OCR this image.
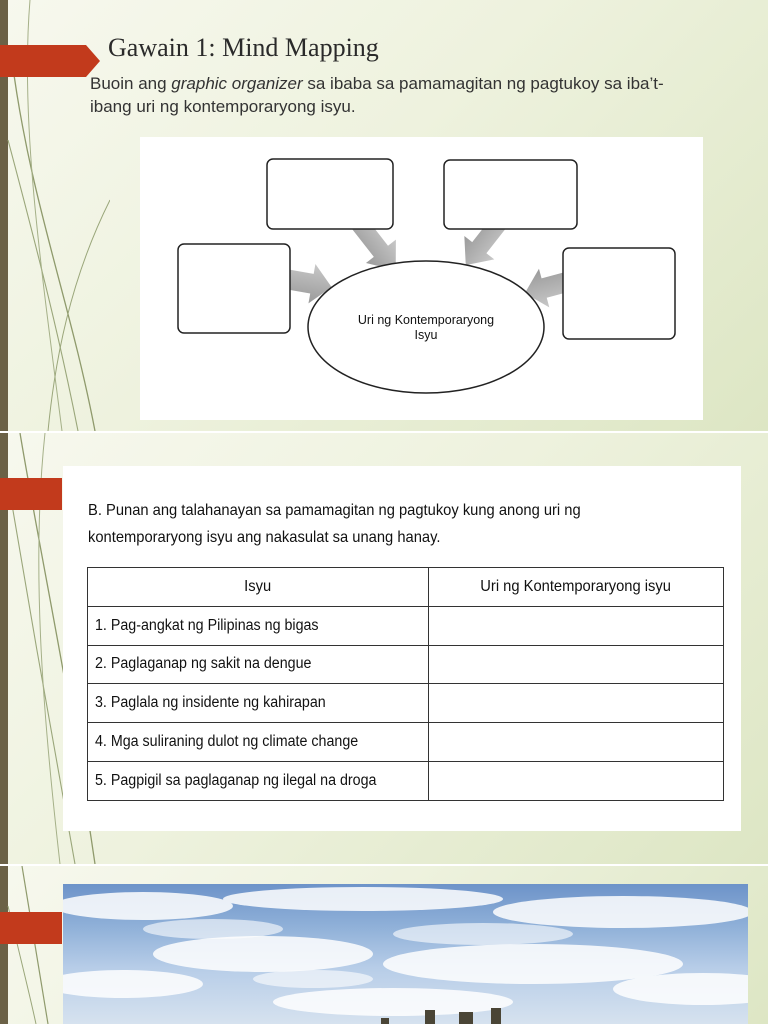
Gawain 1: Mind Mapping
Buoin ang graphic organizer sa ibaba sa pamamagitan ng pagtukoy sa iba’t-ibang uri ng kontemporaryong isyu.
Uri ng Kontemporaryong
Isyu
B. Punan ang talahanayan sa pamamagitan ng pagtukoy kung anong uri ng kontemporaryong isyu ang nakasulat sa unang hanay.
Isyu	Uri ng Kontemporaryong isyu
1. Pag-angkat ng Pilipinas ng bigas	
2. Paglaganap ng sakit na dengue	
3. Paglala ng insidente ng kahirapan	
4. Mga suliraning dulot ng climate change	
5. Pagpigil sa paglaganap ng ilegal na droga	
